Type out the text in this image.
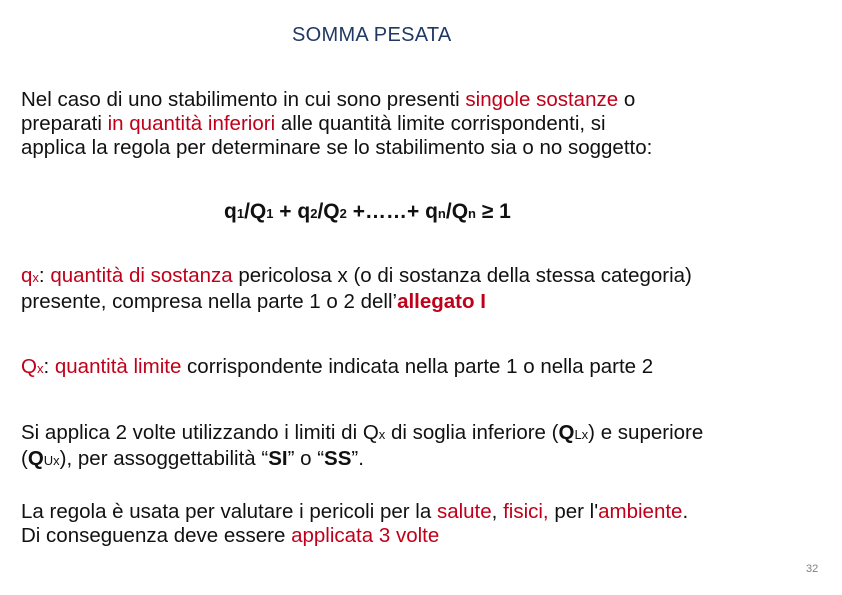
SOMMA PESATA
Nel caso di uno stabilimento in cui sono presenti singole sostanze o
preparati in quantità inferiori alle quantità limite corrispondenti, si
applica la regola per determinare se lo stabilimento sia o no soggetto:
q1/Q1 + q2/Q2 +……+ qn/Qn ≥ 1
qx: quantità di sostanza pericolosa x (o di sostanza della stessa categoria)
presente, compresa nella parte 1 o 2 dell’allegato I
Qx: quantità limite corrispondente indicata nella parte 1 o nella parte 2
Si applica 2 volte utilizzando i limiti di Qx di soglia inferiore (QLx) e superiore
(QUx), per assoggettabilità “SI” o “SS”.
La regola è usata per valutare i pericoli per la salute, fisici, per l'ambiente.
Di conseguenza deve essere applicata 3 volte
32
